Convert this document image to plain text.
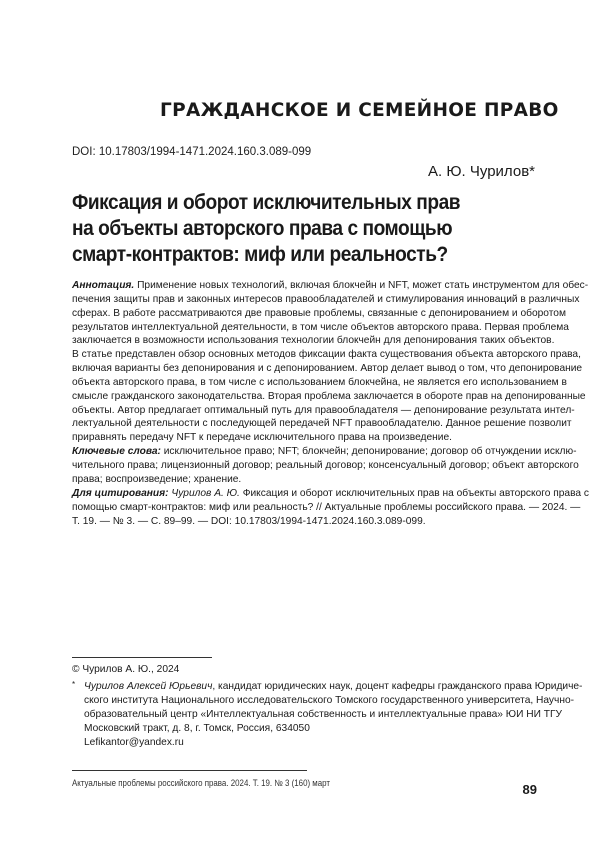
ГРАЖДАНСКОЕ И СЕМЕЙНОЕ ПРАВО
DOI: 10.17803/1994-1471.2024.160.3.089-099
А. Ю. Чурилов*
Фиксация и оборот исключительных прав
на объекты авторского права с помощью
смарт-контрактов: миф или реальность?
Аннотация. Применение новых технологий, включая блокчейн и NFT, может стать инструментом для обес-
печения защиты прав и законных интересов правообладателей и стимулирования инноваций в различных
сферах. В работе рассматриваются две правовые проблемы, связанные с депонированием и оборотом
результатов интеллектуальной деятельности, в том числе объектов авторского права. Первая проблема
заключается в возможности использования технологии блокчейн для депонирования таких объектов.
В статье представлен обзор основных методов фиксации факта существования объекта авторского права,
включая варианты без депонирования и с депонированием. Автор делает вывод о том, что депонирование
объекта авторского права, в том числе с использованием блокчейна, не является его использованием в
смысле гражданского законодательства. Вторая проблема заключается в обороте прав на депонированные
объекты. Автор предлагает оптимальный путь для правообладателя — депонирование результата интел-
лектуальной деятельности с последующей передачей NFT правообладателю. Данное решение позволит
приравнять передачу NFT к передаче исключительного права на произведение.
Ключевые слова: исключительное право; NFT; блокчейн; депонирование; договор об отчуждении исклю-
чительного права; лицензионный договор; реальный договор; консенсуальный договор; объект авторского
права; воспроизведение; хранение.
Для цитирования: Чурилов А. Ю. Фиксация и оборот исключительных прав на объекты авторского права с
помощью смарт-контрактов: миф или реальность? // Актуальные проблемы российского права. — 2024. —
Т. 19. — № 3. — С. 89–99. — DOI: 10.17803/1994-1471.2024.160.3.089-099.
© Чурилов А. Ю., 2024
* Чурилов Алексей Юрьевич, кандидат юридических наук, доцент кафедры гражданского права Юридиче-
ского института Национального исследовательского Томского государственного университета, Научно-
образовательный центр «Интеллектуальная собственность и интеллектуальные права» ЮИ НИ ТГУ
Московский тракт, д. 8, г. Томск, Россия, 634050
Lefikantor@yandex.ru
Актуальные проблемы российского права. 2024. Т. 19. № 3 (160) март	89
